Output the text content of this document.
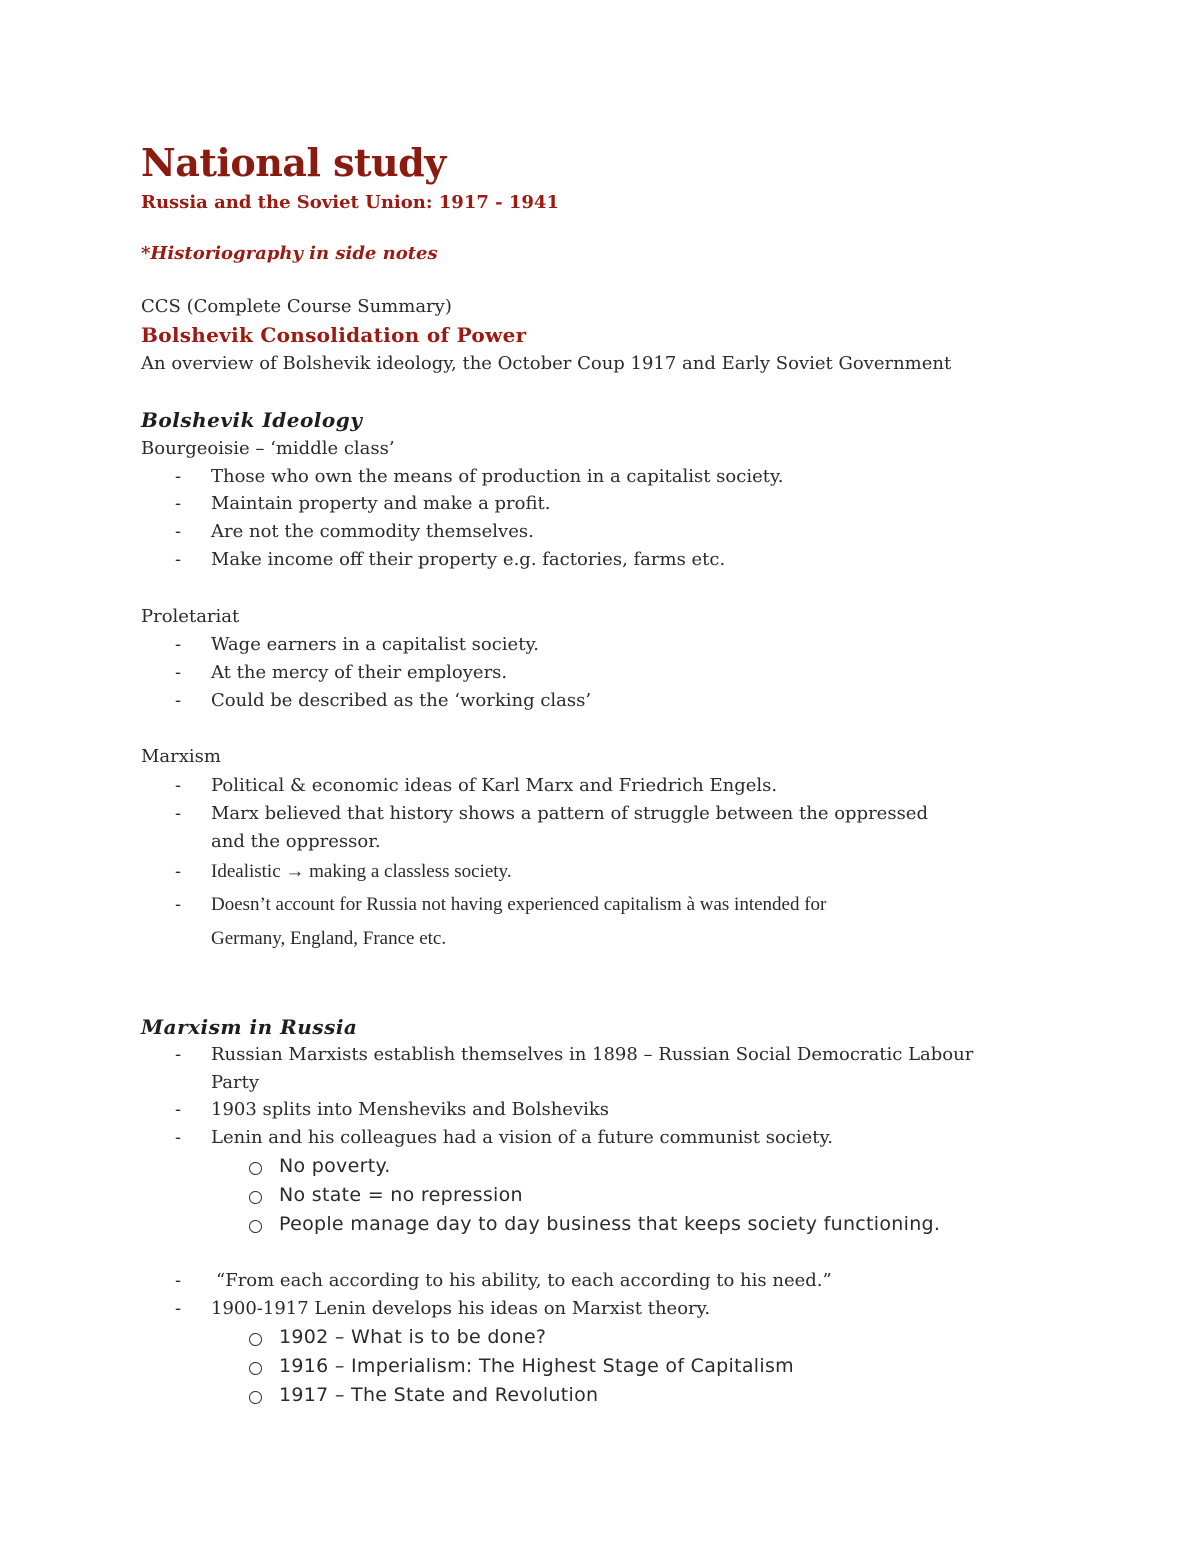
National study
Russia and the Soviet Union: 1917 - 1941
*Historiography in side notes
CCS (Complete Course Summary)
Bolshevik Consolidation of Power
An overview of Bolshevik ideology, the October Coup 1917 and Early Soviet Government
Bolshevik Ideology
Bourgeoisie – ‘middle class’
- Those who own the means of production in a capitalist society.
- Maintain property and make a profit.
- Are not the commodity themselves.
- Make income off their property e.g. factories, farms etc.
Proletariat
- Wage earners in a capitalist society.
- At the mercy of their employers.
- Could be described as the ‘working class’
Marxism
- Political & economic ideas of Karl Marx and Friedrich Engels.
- Marx believed that history shows a pattern of struggle between the oppressed
and the oppressor.
- Idealistic → making a classless society.
- Doesn’t account for Russia not having experienced capitalism à was intended for
Germany, England, France etc.
Marxism in Russia
- Russian Marxists establish themselves in 1898 – Russian Social Democratic Labour
Party
- 1903 splits into Mensheviks and Bolsheviks
- Lenin and his colleagues had a vision of a future communist society.
No poverty.
No state = no repression
People manage day to day business that keeps society functioning.
- “From each according to his ability, to each according to his need.”
- 1900-1917 Lenin develops his ideas on Marxist theory.
1902 – What is to be done?
1916 – Imperialism: The Highest Stage of Capitalism
1917 – The State and Revolution
